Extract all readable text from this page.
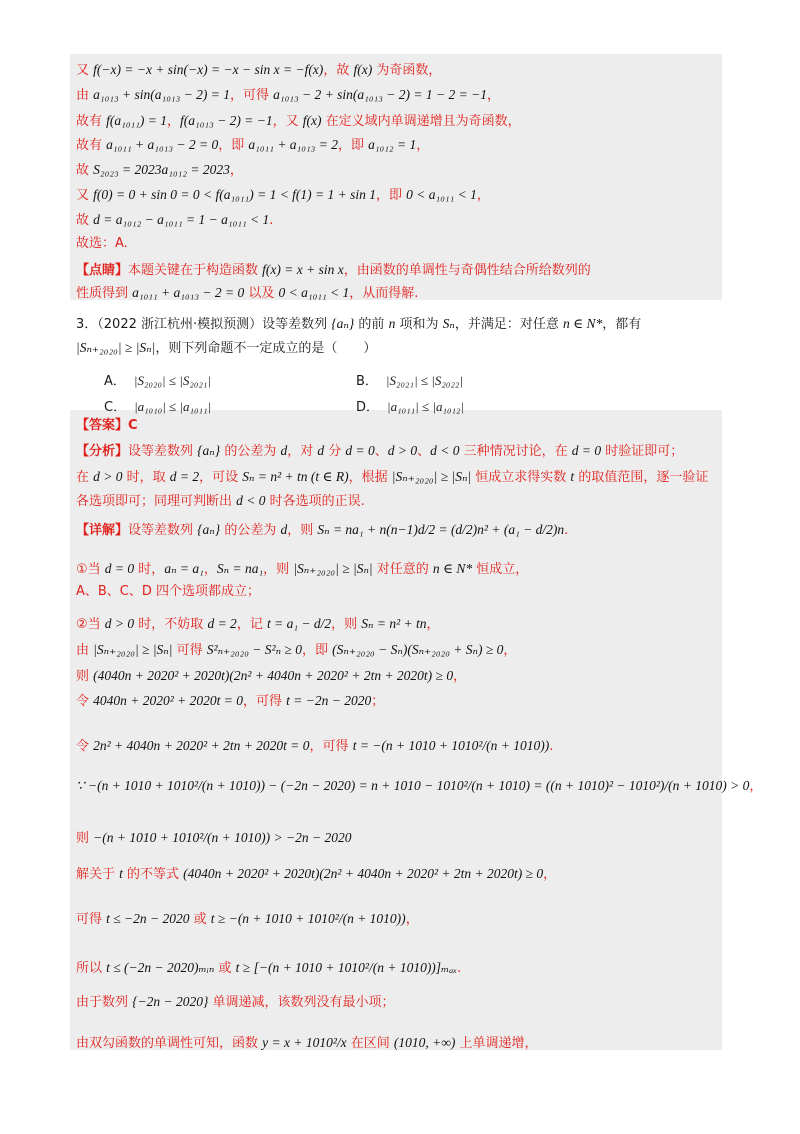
又 f(−x) = −x + sin(−x) = −x − sin x = −f(x)，故 f(x) 为奇函数，
由 a₁₀₁₃ + sin(a₁₀₁₃ − 2) = 1，可得 a₁₀₁₃ − 2 + sin(a₁₀₁₃ − 2) = 1 − 2 = −1，
故有 f(a₁₀₁₁) = 1，f(a₁₀₁₃ − 2) = −1，又 f(x) 在定义域内单调递增且为奇函数，
故有 a₁₀₁₁ + a₁₀₁₃ − 2 = 0，即 a₁₀₁₁ + a₁₀₁₃ = 2，即 a₁₀₁₂ = 1，
故 S₂₀₂₃ = 2023a₁₀₁₂ = 2023，
又 f(0) = 0 + sin 0 = 0 < f(a₁₀₁₁) = 1 < f(1) = 1 + sin 1，即 0 < a₁₀₁₁ < 1，
故 d = a₁₀₁₂ − a₁₀₁₁ = 1 − a₁₀₁₁ < 1.
故选：A.
【点睛】本题关键在于构造函数 f(x) = x + sin x，由函数的单调性与奇偶性结合所给数列的
性质得到 a₁₀₁₁ + a₁₀₁₃ − 2 = 0 以及 0 < a₁₀₁₁ < 1，从而得解.
3．（2022 浙江杭州·模拟预测）设等差数列 {aₙ} 的前 n 项和为 Sₙ，并满足：对任意 n ∈ N*，都有
|Sₙ₊₂₀₂₀| ≥ |Sₙ|，则下列命题不一定成立的是（　　）
A． |S₂₀₂₀| ≤ |S₂₀₂₁|	B． |S₂₀₂₁| ≤ |S₂₀₂₂|
C． |a₁₀₁₀| ≤ |a₁₀₁₁|	D． |a₁₀₁₁| ≤ |a₁₀₁₂|
【答案】C
【分析】设等差数列 {aₙ} 的公差为 d，对 d 分 d = 0、d > 0、d < 0 三种情况讨论，在 d = 0 时验证即可；
在 d > 0 时，取 d = 2，可设 Sₙ = n² + tn (t ∈ R)，根据 |Sₙ₊₂₀₂₀| ≥ |Sₙ| 恒成立求得实数 t 的取值范围，逐一验证
各选项即可；同理可判断出 d < 0 时各选项的正误.
【详解】设等差数列 {aₙ} 的公差为 d，则 Sₙ = na₁ + n(n−1)d/2 = (d/2)n² + (a₁ − d/2)n.
①当 d = 0 时，aₙ = a₁，Sₙ = na₁，则 |Sₙ₊₂₀₂₀| ≥ |Sₙ| 对任意的 n ∈ N* 恒成立，
A、B、C、D 四个选项都成立；
②当 d > 0 时，不妨取 d = 2，记 t = a₁ − d/2，则 Sₙ = n² + tn，
由 |Sₙ₊₂₀₂₀| ≥ |Sₙ| 可得 S²ₙ₊₂₀₂₀ − S²ₙ ≥ 0，即 (Sₙ₊₂₀₂₀ − Sₙ)(Sₙ₊₂₀₂₀ + Sₙ) ≥ 0，
则 (4040n + 2020² + 2020t)(2n² + 4040n + 2020² + 2tn + 2020t) ≥ 0，
令 4040n + 2020² + 2020t = 0，可得 t = −2n − 2020；
令 2n² + 4040n + 2020² + 2tn + 2020t = 0，可得 t = −(n + 1010 + 1010²/(n + 1010)).
∵ −(n + 1010 + 1010²/(n + 1010)) − (−2n − 2020) = n + 1010 − 1010²/(n + 1010) = ((n + 1010)² − 1010²)/(n + 1010) > 0，
则 −(n + 1010 + 1010²/(n + 1010)) > −2n − 2020
解关于 t 的不等式 (4040n + 2020² + 2020t)(2n² + 4040n + 2020² + 2tn + 2020t) ≥ 0，
可得 t ≤ −2n − 2020 或 t ≥ −(n + 1010 + 1010²/(n + 1010))，
所以 t ≤ (−2n − 2020)ₘᵢₙ 或 t ≥ [−(n + 1010 + 1010²/(n + 1010))]ₘₐₓ.
由于数列 {−2n − 2020} 单调递减，该数列没有最小项；
由双勾函数的单调性可知，函数 y = x + 1010²/x 在区间 (1010, +∞) 上单调递增，
